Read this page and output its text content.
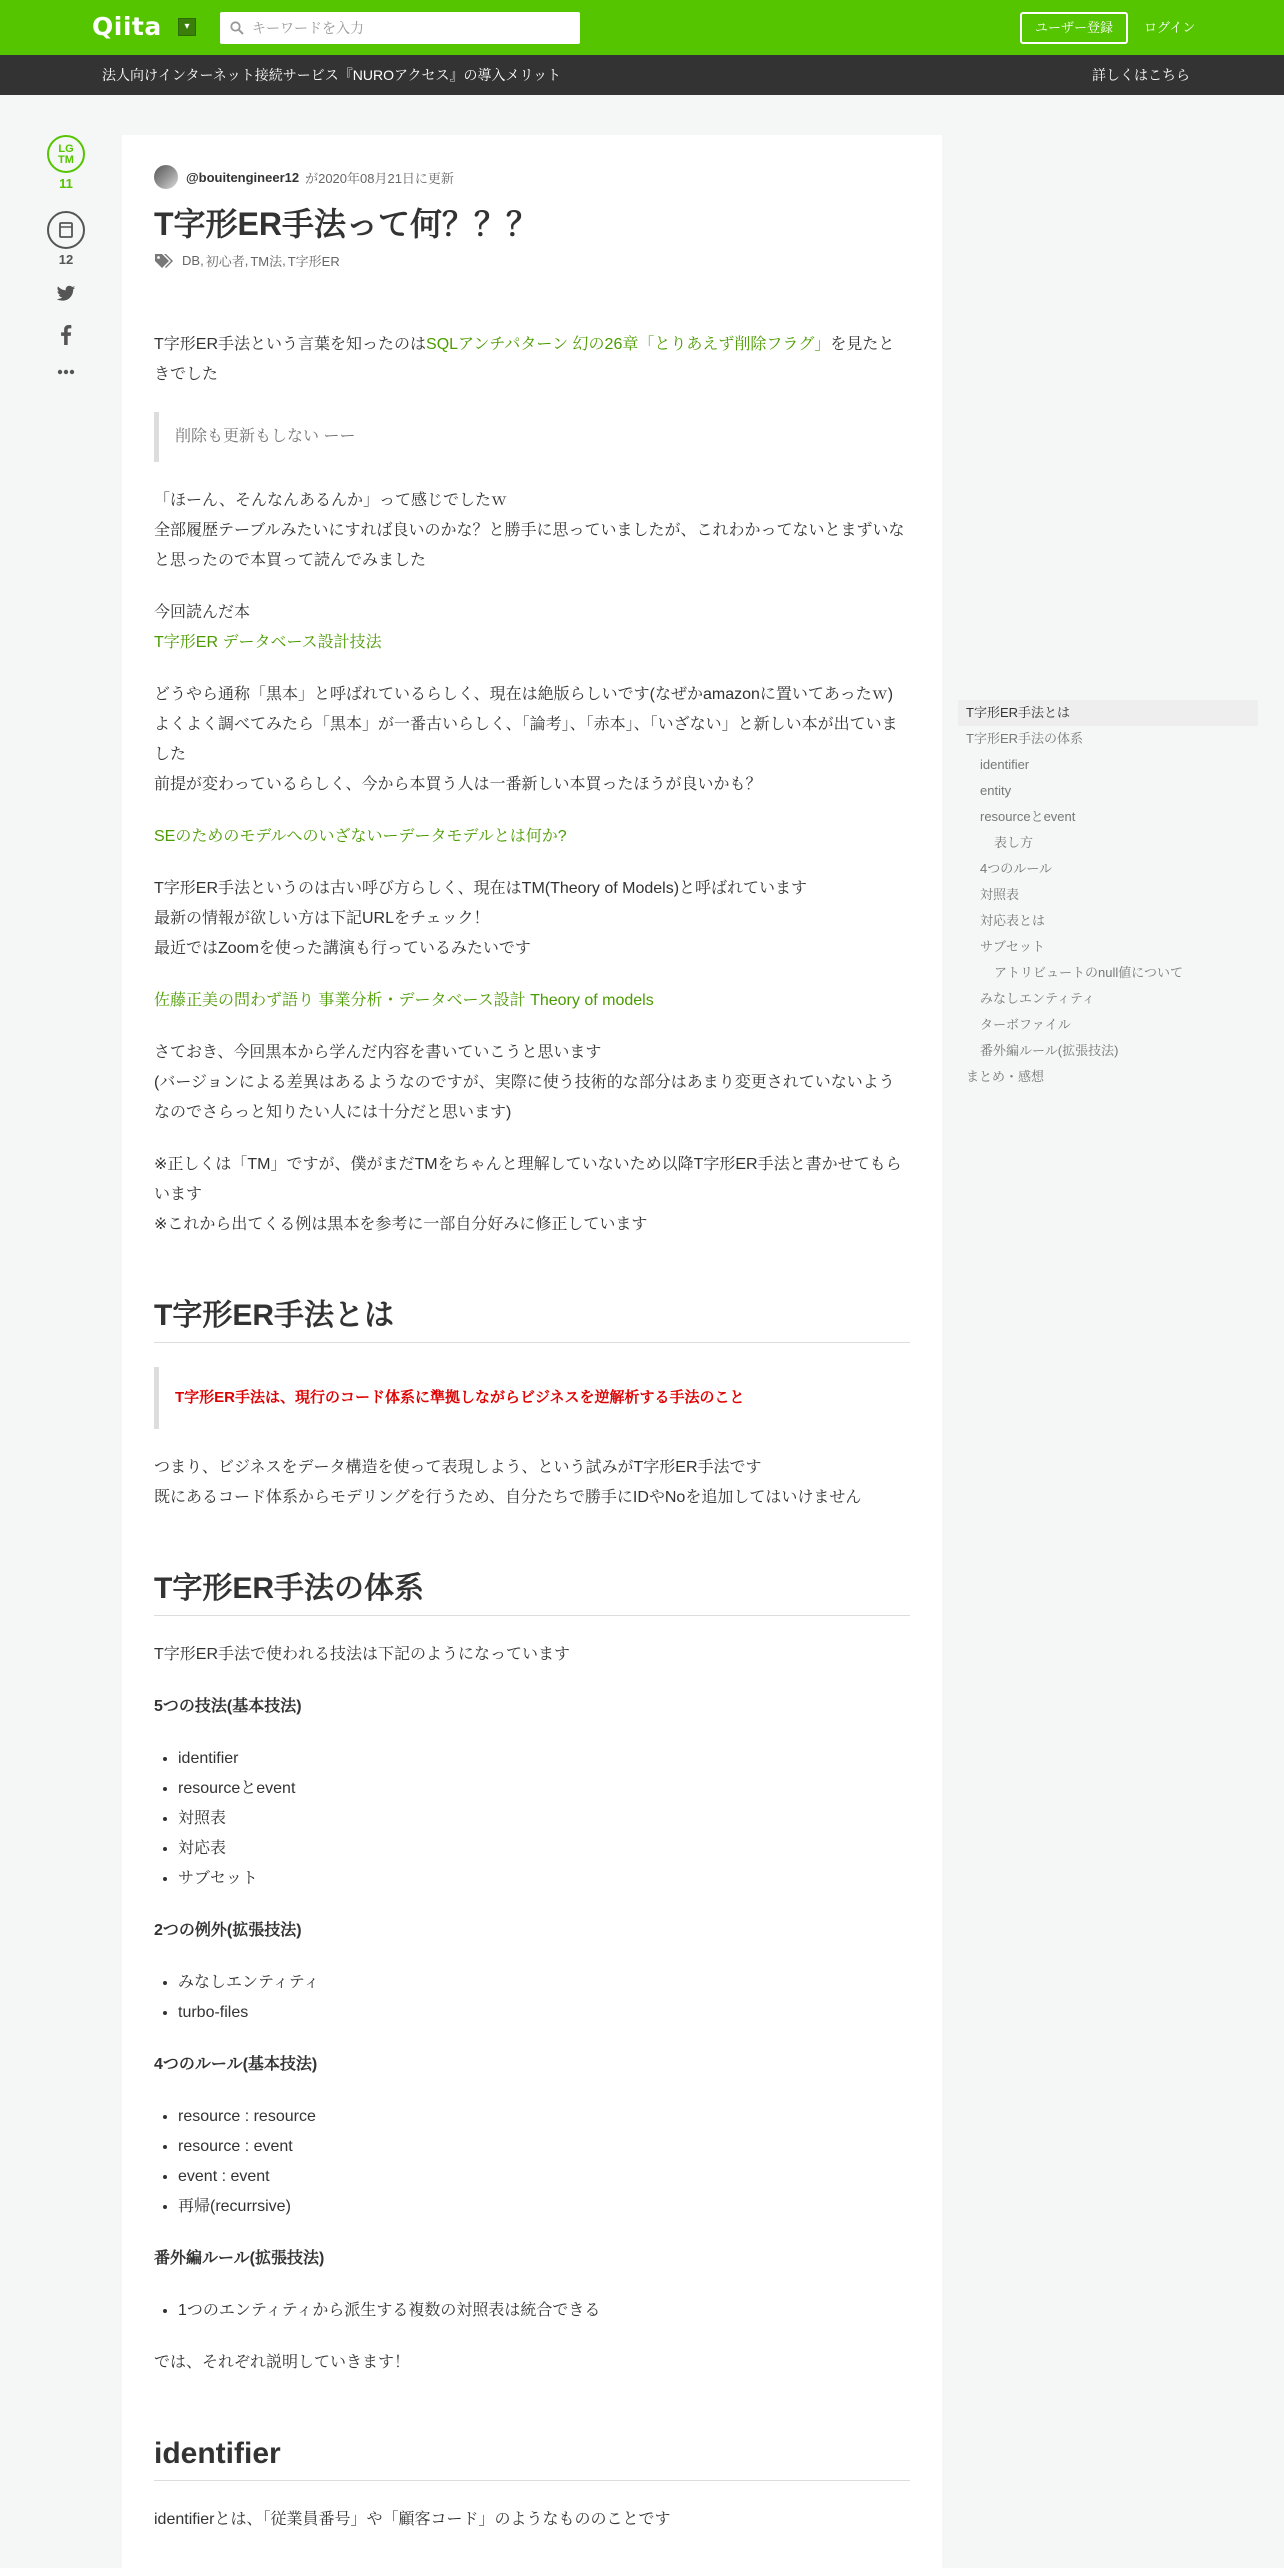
Qiita	▾
キーワードを入力	ユーザー登録	ログイン
法人向けインターネット接続サービス『NUROアクセス』の導入メリット	詳しくはこちら
LG
TM
11
12
@bouitengineer12 が2020年08月21日に更新
T字形ER手法って何？？？
DB , 初心者 , TM法 , T字形ER

T字形ER手法という言葉を知ったのはSQLアンチパターン 幻の26章「とりあえず削除フラグ」を見たときでした

削除も更新もしない ーー

「ほーん、そんなんあるんか」って感じでしたｗ
全部履歴テーブルみたいにすれば良いのかな？と勝手に思っていましたが、これわかってないとまずいなと思ったので本買って読んでみました

今回読んだ本
T字形ER データベース設計技法

どうやら通称「黒本」と呼ばれているらしく、現在は絶版らしいです(なぜかamazonに置いてあったｗ)
よくよく調べてみたら「黒本」が一番古いらしく、「論考」、「赤本」、「いざない」と新しい本が出ていました
前提が変わっているらしく、今から本買う人は一番新しい本買ったほうが良いかも？

SEのためのモデルへのいざないーデータモデルとは何か?

T字形ER手法というのは古い呼び方らしく、現在はTM(Theory of Models)と呼ばれています
最新の情報が欲しい方は下記URLをチェック！
最近ではZoomを使った講演も行っているみたいです

佐藤正美の問わず語り 事業分析・データベース設計 Theory of models

さておき、今回黒本から学んだ内容を書いていこうと思います
(バージョンによる差異はあるようなのですが、実際に使う技術的な部分はあまり変更されていないようなのでさらっと知りたい人には十分だと思います)

※正しくは「TM」ですが、僕がまだTMをちゃんと理解していないため以降T字形ER手法と書かせてもらいます
※これから出てくる例は黒本を参考に一部自分好みに修正しています

T字形ER手法とは
T字形ER手法は、現行のコード体系に準拠しながらビジネスを逆解析する手法のこと

つまり、ビジネスをデータ構造を使って表現しよう、という試みがT字形ER手法です
既にあるコード体系からモデリングを行うため、自分たちで勝手にIDやNoを追加してはいけません

T字形ER手法の体系

T字形ER手法で使われる技法は下記のようになっています

5つの技法(基本技法)
• identifier
• resourceとevent
• 対照表
• 対応表
• サブセット
2つの例外(拡張技法)
• みなしエンティティ
• turbo-files
4つのルール(基本技法)
• resource : resource
• resource : event
• event : event
• 再帰(recurrsive)
番外編ルール(拡張技法)
• 1つのエンティティから派生する複数の対照表は統合できる

では、それぞれ説明していきます！

identifier

identifierとは、「従業員番号」や「顧客コード」のようなもののことです

T字形ER手法とは
T字形ER手法の体系
identifier
entity
resourceとevent
表し方
4つのルール
対照表
対応表とは
サブセット
アトリビュートのnull値について
みなしエンティティ
ターボファイル
番外編ルール(拡張技法)
まとめ・感想
